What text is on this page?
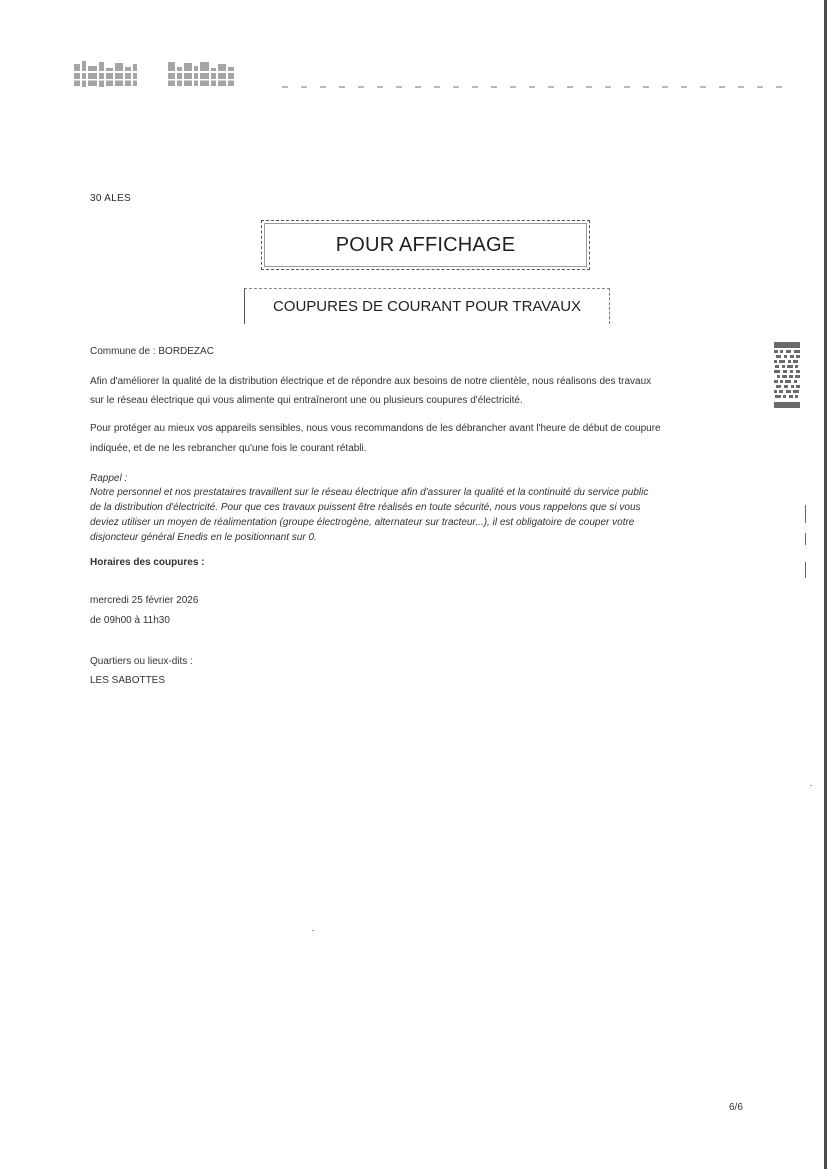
30 ALES
POUR AFFICHAGE
COUPURES DE COURANT POUR TRAVAUX
Commune de : BORDEZAC
Afin d'améliorer la qualité de la distribution électrique et de répondre aux besoins de notre clientèle, nous réalisons des travaux
sur le réseau électrique qui vous alimente qui entraîneront une ou plusieurs coupures d'électricité.
Pour protéger au mieux vos appareils sensibles, nous vous recommandons de les débrancher avant l'heure de début de coupure
indiquée, et de ne les rebrancher qu'une fois le courant rétabli.
Rappel :
Notre personnel et nos prestataires travaillent sur le réseau électrique afin d'assurer la qualité et la continuité du service public
de la distribution d'électricité. Pour que ces travaux puissent être réalisés en toute sécurité, nous vous rappelons que si vous
deviez utiliser un moyen de réalimentation (groupe électrogène, alternateur sur tracteur...), il est obligatoire de couper votre
disjoncteur général Enedis en le positionnant sur 0.
Horaires des coupures :
mercredi 25 février 2026
de 09h00 à 11h30
Quartiers ou lieux-dits :
LES SABOTTES
6/6
